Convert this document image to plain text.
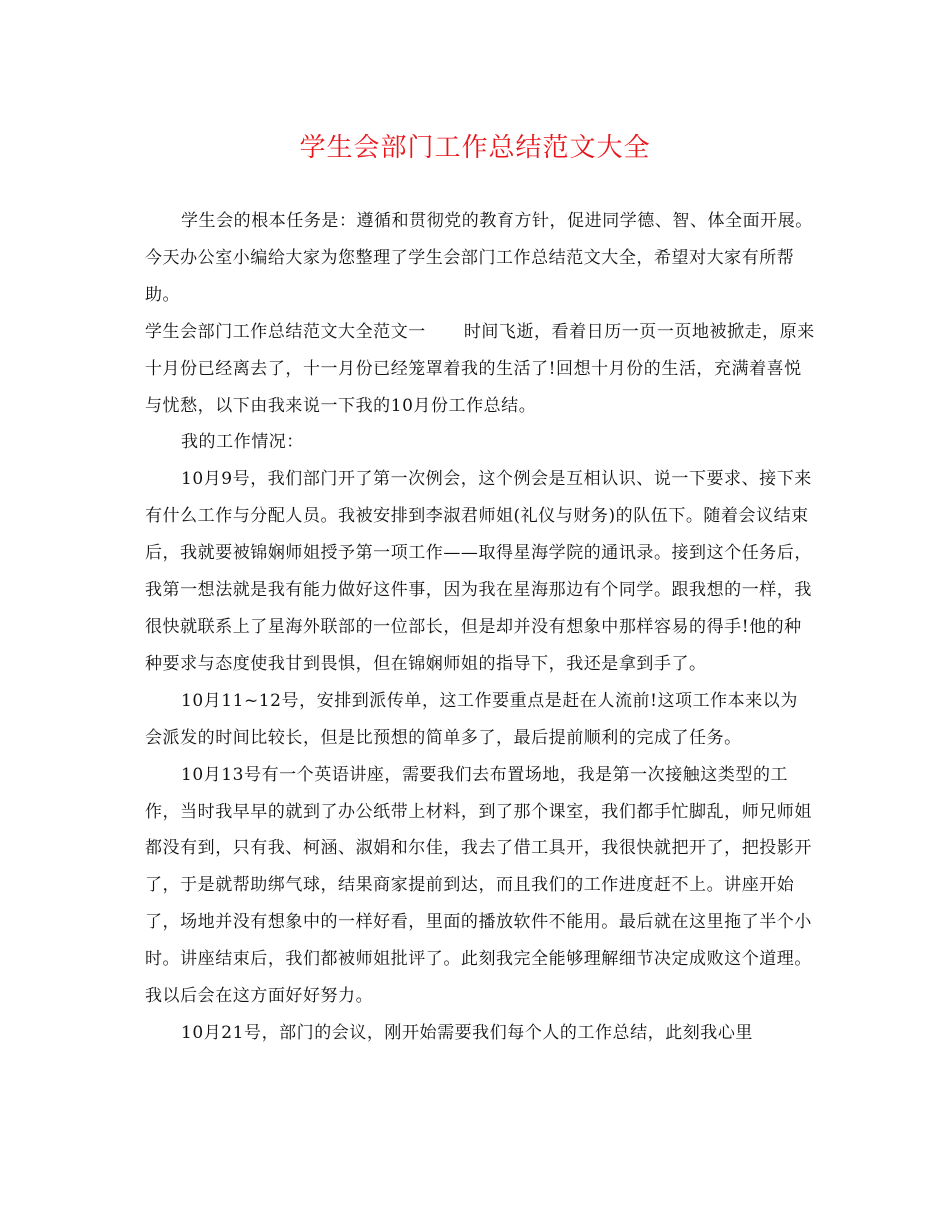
学生会部门工作总结范文大全

学生会的根本任务是：遵循和贯彻党的教育方针，促进同学德、智、体全面开展。今天办公室小编给大家为您整理了学生会部门工作总结范文大全，希望对大家有所帮助。

学生会部门工作总结范文大全范文一 时间飞逝，看着日历一页一页地被掀走，原来十月份已经离去了，十一月份已经笼罩着我的生活了!回想十月份的生活，充满着喜悦与忧愁，以下由我来说一下我的10月份工作总结。

我的工作情况：

10月9号，我们部门开了第一次例会，这个例会是互相认识、说一下要求、接下来有什么工作与分配人员。我被安排到李淑君师姐(礼仪与财务)的队伍下。随着会议结束后，我就要被锦娴师姐授予第一项工作——取得星海学院的通讯录。接到这个任务后，我第一想法就是我有能力做好这件事，因为我在星海那边有个同学。跟我想的一样，我很快就联系上了星海外联部的一位部长，但是却并没有想象中那样容易的得手!他的种种要求与态度使我甘到畏惧，但在锦娴师姐的指导下，我还是拿到手了。

10月11~12号，安排到派传单，这工作要重点是赶在人流前!这项工作本来以为会派发的时间比较长，但是比预想的简单多了，最后提前顺利的完成了任务。

10月13号有一个英语讲座，需要我们去布置场地，我是第一次接触这类型的工作，当时我早早的就到了办公纸带上材料，到了那个课室，我们都手忙脚乱，师兄师姐都没有到，只有我、柯涵、淑娟和尔佳，我去了借工具开，我很快就把开了，把投影开了，于是就帮助绑气球，结果商家提前到达，而且我们的工作进度赶不上。讲座开始了，场地并没有想象中的一样好看，里面的播放软件不能用。最后就在这里拖了半个小时。讲座结束后，我们都被师姐批评了。此刻我完全能够理解细节决定成败这个道理。我以后会在这方面好好努力。

10月21号，部门的会议，刚开始需要我们每个人的工作总结，此刻我心里
